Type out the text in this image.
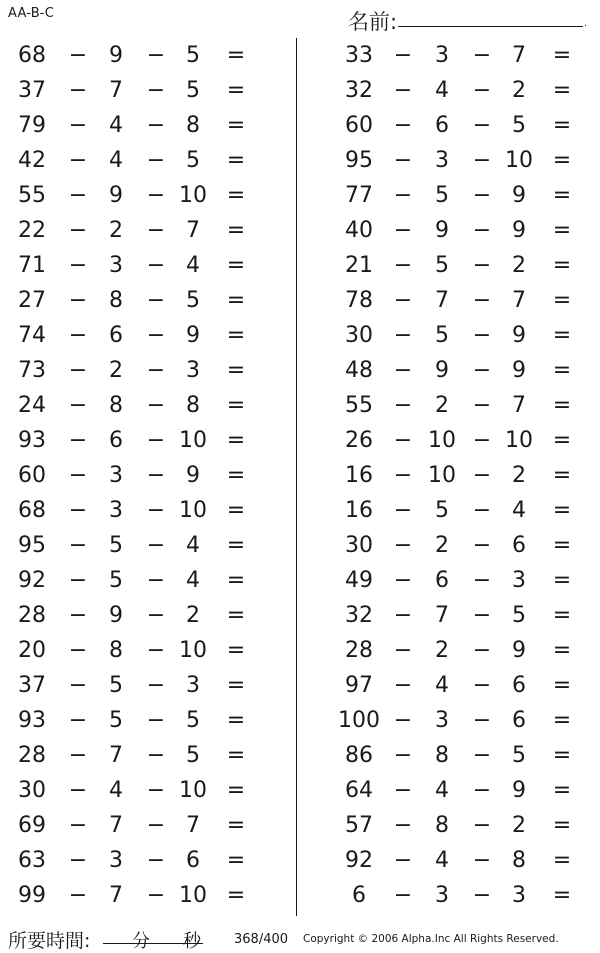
AA-B-C	名前:	.
68	− 9	− 5	=
37	− 7	− 5	=
79	− 4	− 8	=
42	− 4	− 5	=
55	− 9	− 10 =
22	− 2	− 7	=
71	− 3	− 4	=
27	− 8	− 5	=
74	− 6	− 9	=
73	− 2	− 3	=
24	− 8	− 8	=
93	− 6	− 10 =
60	− 3	− 9	=
68	− 3	− 10 =
95	− 5	− 4	=
92	− 5	− 4	=
28	− 9	− 2	=
20	− 8	− 10 =
37	− 5	− 3	=
93	− 5	− 5	=
28	− 7	− 5	=
30	− 4	− 10 =
69	− 7	− 7	=
63	− 3	− 6	=
99	− 7	− 10 =
33 −	3	− 7	=
32 −	4	− 2	=
60 −	6	− 5	=
95 −	3	− 10 =
77 −	5	− 9	=
40 −	9	− 9	=
21 −	5	− 2	=
78 −	7	− 7	=
30 −	5	− 9	=
48 −	9	− 9	=
55 −	2	− 7	=
26 − 10 − 10 =
16 − 10 − 2	=
16 −	5	− 4	=
30 −	2	− 6	=
49 −	6	− 3	=
32 −	7	− 5	=
28 −	2	− 9	=
97 −	4	− 6	=
100 −	3	− 6	=
86 −	8	− 5	=
64 −	4	− 9	=
57 −	8	− 2	=
92 −	4	− 8	=
6	−	3	− 3	=
所要時間: 分 秒	368/400 Copyright © 2006 Alpha.Inc All Rights Reserved.
